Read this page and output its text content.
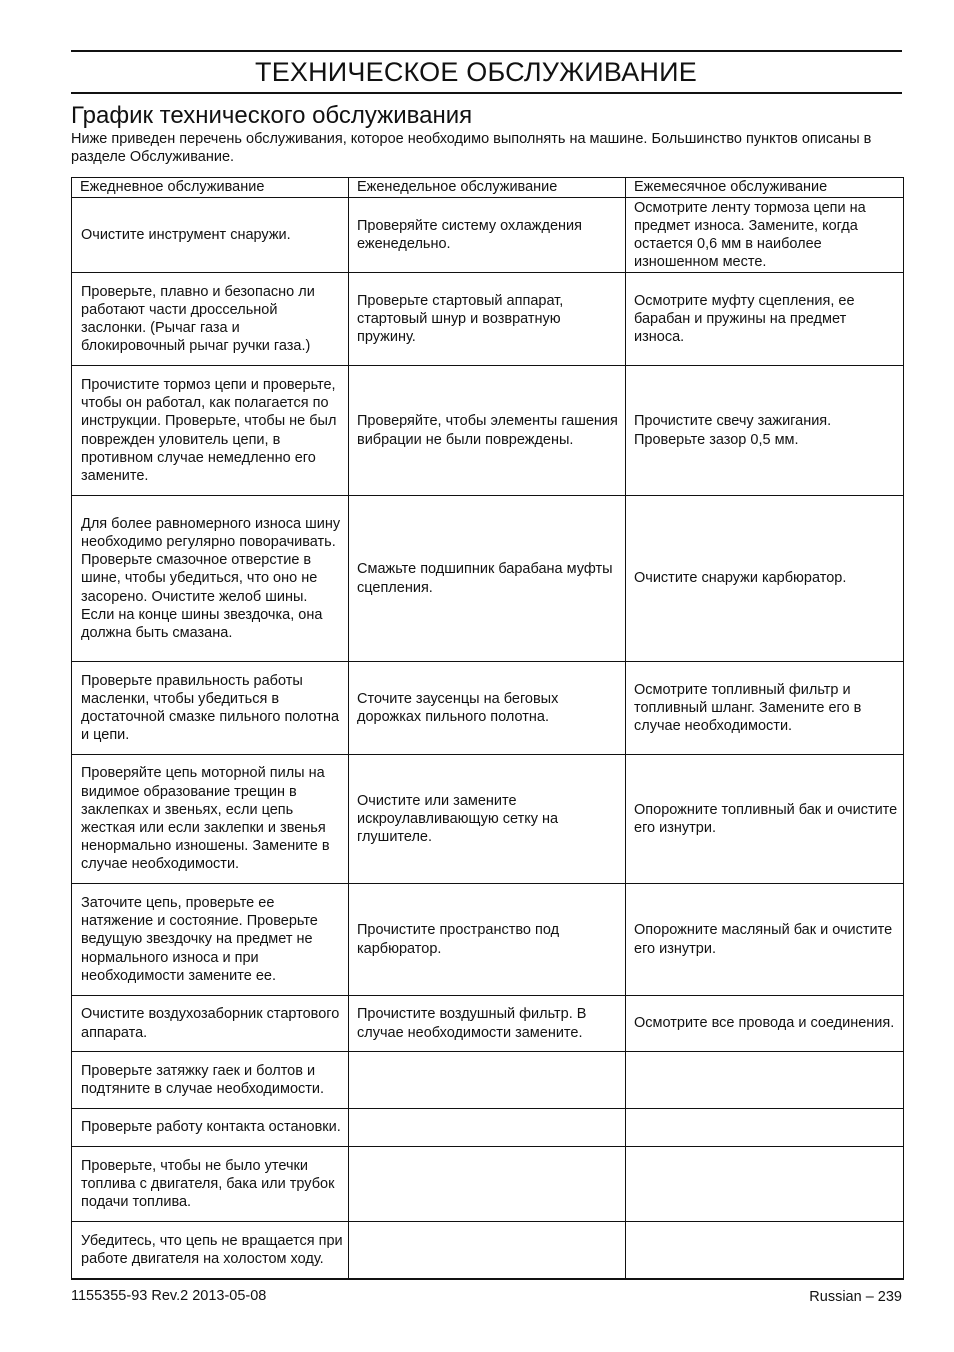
ТЕХНИЧЕСКОЕ ОБСЛУЖИВАНИЕ
График технического обслуживания

Ниже приведен перечень обслуживания, которое необходимо выполнять на машине. Большинство пунктов описаны в разделе Обслуживание.

Ежедневное обслуживание	Еженедельное обслуживание	Ежемесячное обслуживание
Очистите инструмент снаружи.	Проверяйте систему охлаждения еженедельно.	Осмотрите ленту тормоза цепи на предмет износа. Замените, когда остается 0,6 мм в наиболее изношенном месте.
Проверьте, плавно и безопасно ли работают части дроссельной заслонки. (Рычаг газа и блокировочный рычаг ручки газа.)	Проверьте стартовый аппарат, стартовый шнур и возвратную пружину.	Осмотрите муфту сцепления, ее барабан и пружины на предмет износа.
Прочистите тормоз цепи и проверьте, чтобы он работал, как полагается по инструкции. Проверьте, чтобы не был поврежден уловитель цепи, в противном случае немедленно его замените.	Проверяйте, чтобы элементы гашения вибрации не были повреждены.	Прочистите свечу зажигания. Проверьте зазор 0,5 мм.
Для более равномерного износа шину необходимо регулярно поворачивать. Проверьте смазочное отверстие в шине, чтобы убедиться, что оно не засорено. Очистите желоб шины. Если на конце шины звездочка, она должна быть смазана.	Смажьте подшипник барабана муфты сцепления.	Очистите снаружи карбюратор.
Проверьте правильность работы масленки, чтобы убедиться в достаточной смазке пильного полотна и цепи.	Сточите заусенцы на беговых дорожках пильного полотна.	Осмотрите топливный фильтр и топливный шланг. Замените его в случае необходимости.
Проверяйте цепь моторной пилы на видимое образование трещин в заклепках и звеньях, если цепь жесткая или если заклепки и звенья ненормально изношены. Замените в случае необходимости.	Очистите или замените искроулавливающую сетку на глушителе.	Опорожните топливный бак и очистите его изнутри.
Заточите цепь, проверьте ее натяжение и состояние. Проверьте ведущую звездочку на предмет не нормального износа и при необходимости замените ее.	Прочистите пространство под карбюратор.	Опорожните масляный бак и очистите его изнутри.
Очистите воздухозаборник стартового аппарата.	Прочистите воздушный фильтр. В случае необходимости замените.	Осмотрите все провода и соединения.
Проверьте затяжку гаек и болтов и подтяните в случае необходимости.		
Проверьте работу контакта остановки.		
Проверьте, чтобы не было утечки топлива с двигателя, бака или трубок подачи топлива.		
Убедитесь, что цепь не вращается при работе двигателя на холостом ходу.		
1155355-93 Rev.2 2013-05-08	Russian – 239
